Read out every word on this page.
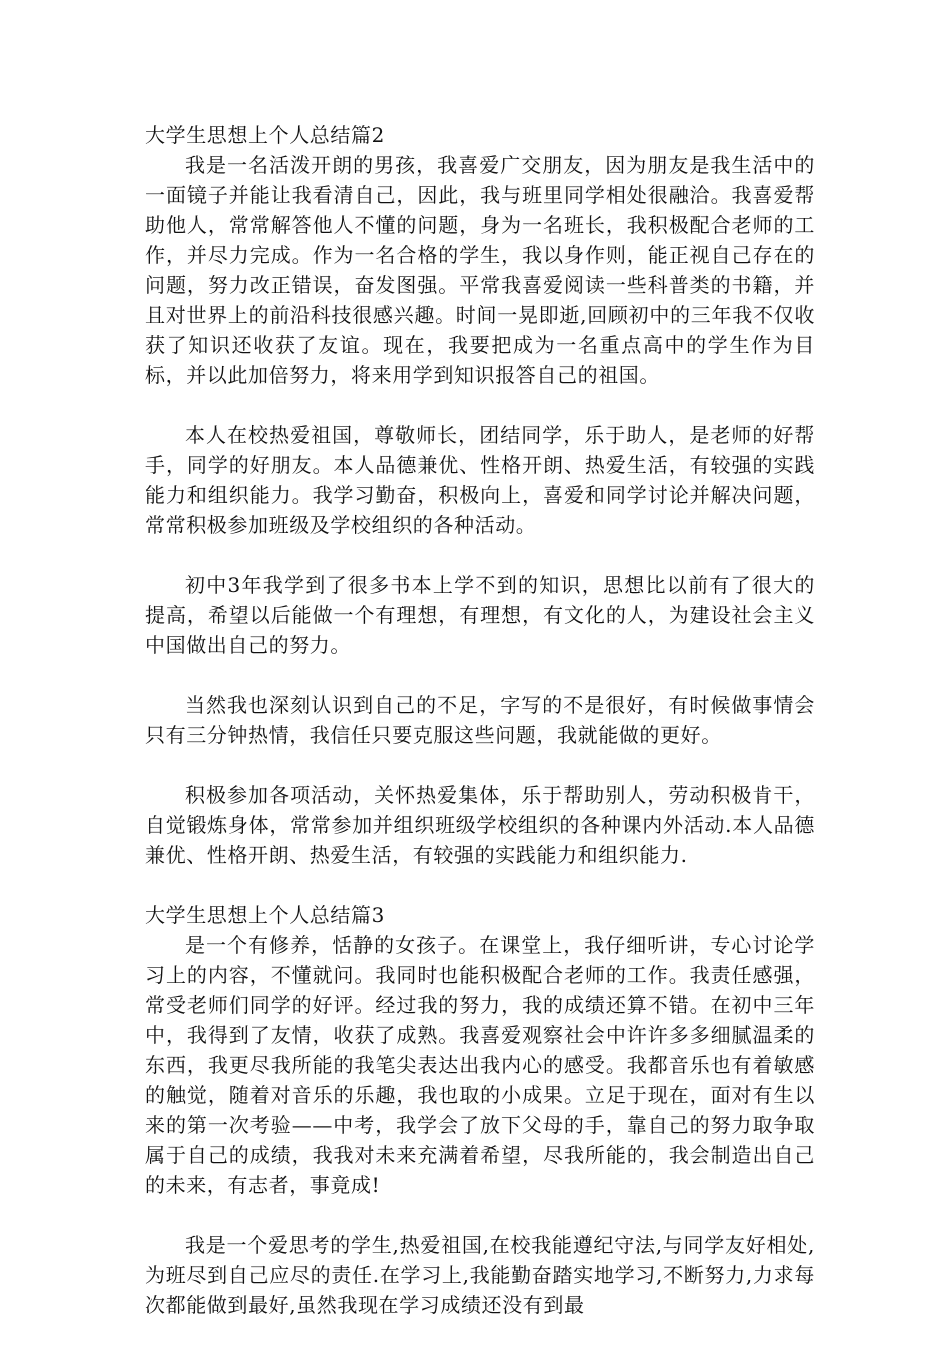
大学生思想上个人总结篇2

我是一名活泼开朗的男孩，我喜爱广交朋友，因为朋友是我生活中的一面镜子并能让我看清自己，因此，我与班里同学相处很融洽。我喜爱帮助他人，常常解答他人不懂的问题，身为一名班长，我积极配合老师的工作，并尽力完成。作为一名合格的学生，我以身作则，能正视自己存在的问题，努力改正错误，奋发图强。平常我喜爱阅读一些科普类的书籍，并且对世界上的前沿科技很感兴趣。时间一晃即逝,回顾初中的三年我不仅收获了知识还收获了友谊。现在，我要把成为一名重点高中的学生作为目标，并以此加倍努力，将来用学到知识报答自己的祖国。

本人在校热爱祖国，尊敬师长，团结同学，乐于助人，是老师的好帮手，同学的好朋友。本人品德兼优、性格开朗、热爱生活，有较强的实践能力和组织能力。我学习勤奋，积极向上，喜爱和同学讨论并解决问题，常常积极参加班级及学校组织的各种活动。

初中3年我学到了很多书本上学不到的知识，思想比以前有了很大的提高，希望以后能做一个有理想，有理想，有文化的人，为建设社会主义中国做出自己的努力。

当然我也深刻认识到自己的不足，字写的不是很好，有时候做事情会只有三分钟热情，我信任只要克服这些问题，我就能做的更好。

积极参加各项活动，关怀热爱集体，乐于帮助别人，劳动积极肯干，自觉锻炼身体，常常参加并组织班级学校组织的各种课内外活动.本人品德兼优、性格开朗、热爱生活，有较强的实践能力和组织能力.

大学生思想上个人总结篇3

是一个有修养，恬静的女孩子。在课堂上，我仔细听讲，专心讨论学习上的内容，不懂就问。我同时也能积极配合老师的工作。我责任感强，常受老师们同学的好评。经过我的努力，我的成绩还算不错。在初中三年中，我得到了友情，收获了成熟。我喜爱观察社会中许许多多细腻温柔的东西，我更尽我所能的我笔尖表达出我内心的感受。我都音乐也有着敏感的触觉，随着对音乐的乐趣，我也取的小成果。立足于现在，面对有生以来的第一次考验——中考，我学会了放下父母的手，靠自己的努力取争取属于自己的成绩，我我对未来充满着希望，尽我所能的，我会制造出自己的未来，有志者，事竟成!

我是一个爱思考的学生,热爱祖国,在校我能遵纪守法,与同学友好相处,为班尽到自己应尽的责任.在学习上,我能勤奋踏实地学习,不断努力,力求每次都能做到最好,虽然我现在学习成绩还没有到最
